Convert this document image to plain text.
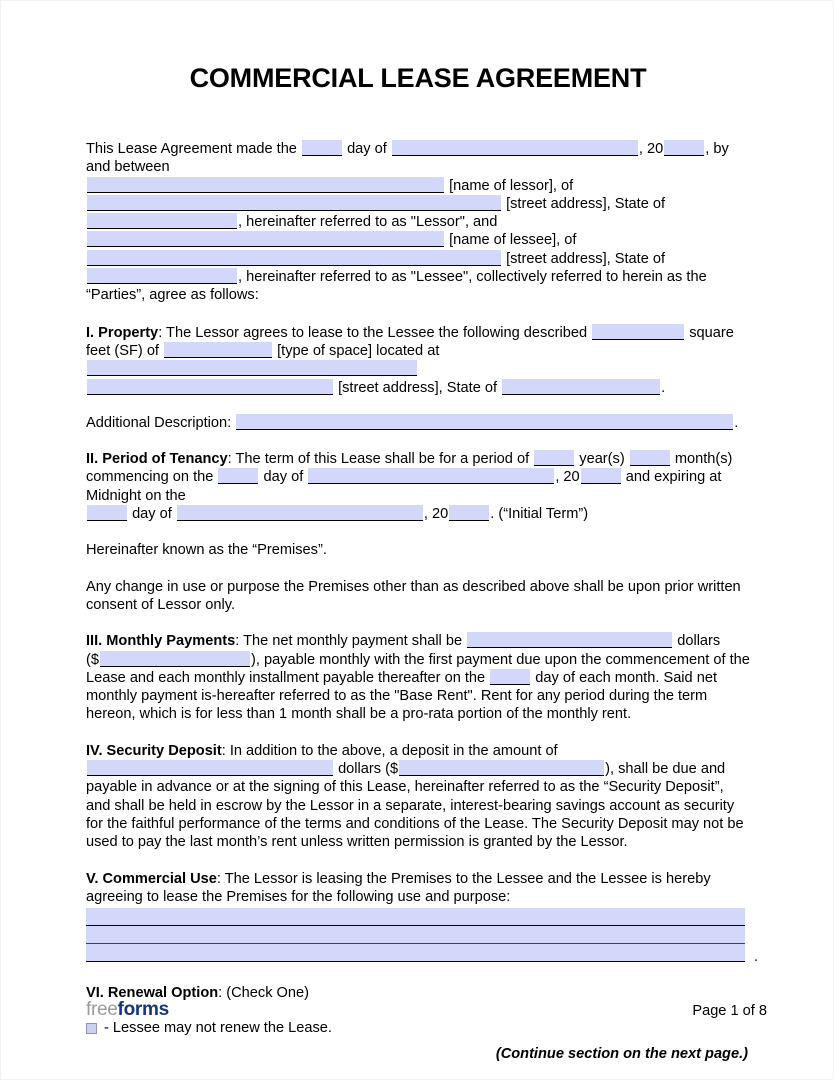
COMMERCIAL LEASE AGREEMENT
This Lease Agreement made the	day of	, 20	, by and between
[name of lessor], of
[street address], State of
, hereinafter referred to as "Lessor", and
[name of lessee], of
[street address], State of
, hereinafter referred to as "Lessee", collectively referred to herein as the
“Parties”, agree as follows:
I. Property: The Lessor agrees to lease to the Lessee the following described	square feet (SF) of	[type of space] located at
[street address], State of	.
Additional Description:	.
II. Period of Tenancy: The term of this Lease shall be for a period of	year(s)	month(s) commencing on the	day of	, 20	and expiring at Midnight on the
day of	, 20	. (“Initial Term”)
Hereinafter known as the “Premises”.
Any change in use or purpose the Premises other than as described above shall be upon prior written consent of Lessor only.
III. Monthly Payments: The net monthly payment shall be	dollars
($	), payable monthly with the first payment due upon the commencement of the Lease and each monthly installment payable thereafter on the	day of each month. Said net monthly payment is-hereafter referred to as the "Base Rent". Rent for any period during the term hereon, which is for less than 1 month shall be a pro-rata portion of the monthly rent.
IV. Security Deposit: In addition to the above, a deposit in the amount of
dollars ($	), shall be due and payable in advance or at the signing of this Lease, hereinafter referred to as the “Security Deposit”, and shall be held in escrow by the Lessor in a separate, interest-bearing savings account as security for the faithful performance of the terms and conditions of the Lease. The Security Deposit may not be used to pay the last month’s rent unless written permission is granted by the Lessor.
V. Commercial Use: The Lessor is leasing the Premises to the Lessee and the Lessee is hereby agreeing to lease the Premises for the following use and purpose:
.
VI. Renewal Option: (Check One)
- Lessee may not renew the Lease.
(Continue section on the next page.)
freeforms	Page 1 of 8
